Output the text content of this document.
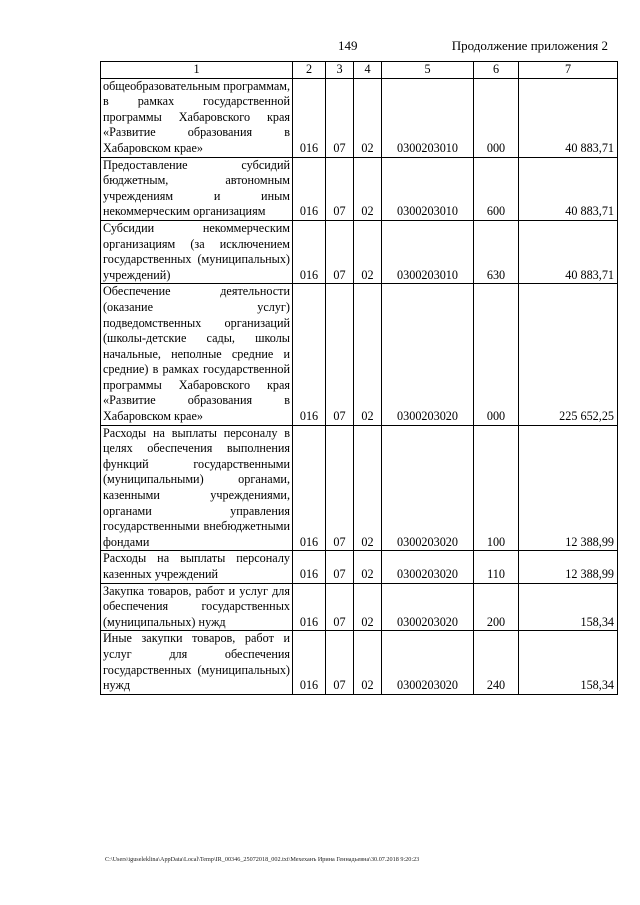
149	Продолжение приложения 2
1	2	3	4	5	6	7
общеобразовательным программам, в рамках государственной программы Хабаровского края «Развитие образования в Хабаровском крае»	016	07	02	0300203010	000	40 883,71
Предоставление субсидий бюджетным, автономным учреждениям и иным некоммерческим организациям	016	07	02	0300203010	600	40 883,71
Субсидии некоммерческим организациям (за исключением государственных (муниципальных) учреждений)	016	07	02	0300203010	630	40 883,71
Обеспечение деятельности (оказание услуг) подведомственных организаций (школы-детские сады, школы начальные, неполные средние и средние) в рамках государственной программы Хабаровского края «Развитие образования в Хабаровском крае»	016	07	02	0300203020	000	225 652,25
Расходы на выплаты персоналу в целях обеспечения выполнения функций государственными (муниципальными) органами, казенными учреждениями, органами управления государственными внебюджетными фондами	016	07	02	0300203020	100	12 388,99
Расходы на выплаты персоналу казенных учреждений	016	07	02	0300203020	110	12 388,99
Закупка товаров, работ и услуг для обеспечения государственных (муниципальных) нужд	016	07	02	0300203020	200	158,34
Иные закупки товаров, работ и услуг для обеспечения государственных (муниципальных) нужд	016	07	02	0300203020	240	158,34
C:\Users\iguseleklina\AppData\Local\Temp\IR_00346_25072018_002.txt\Мехеханъ Ирина Геннадьевна\30.07.2018 9:20:23
